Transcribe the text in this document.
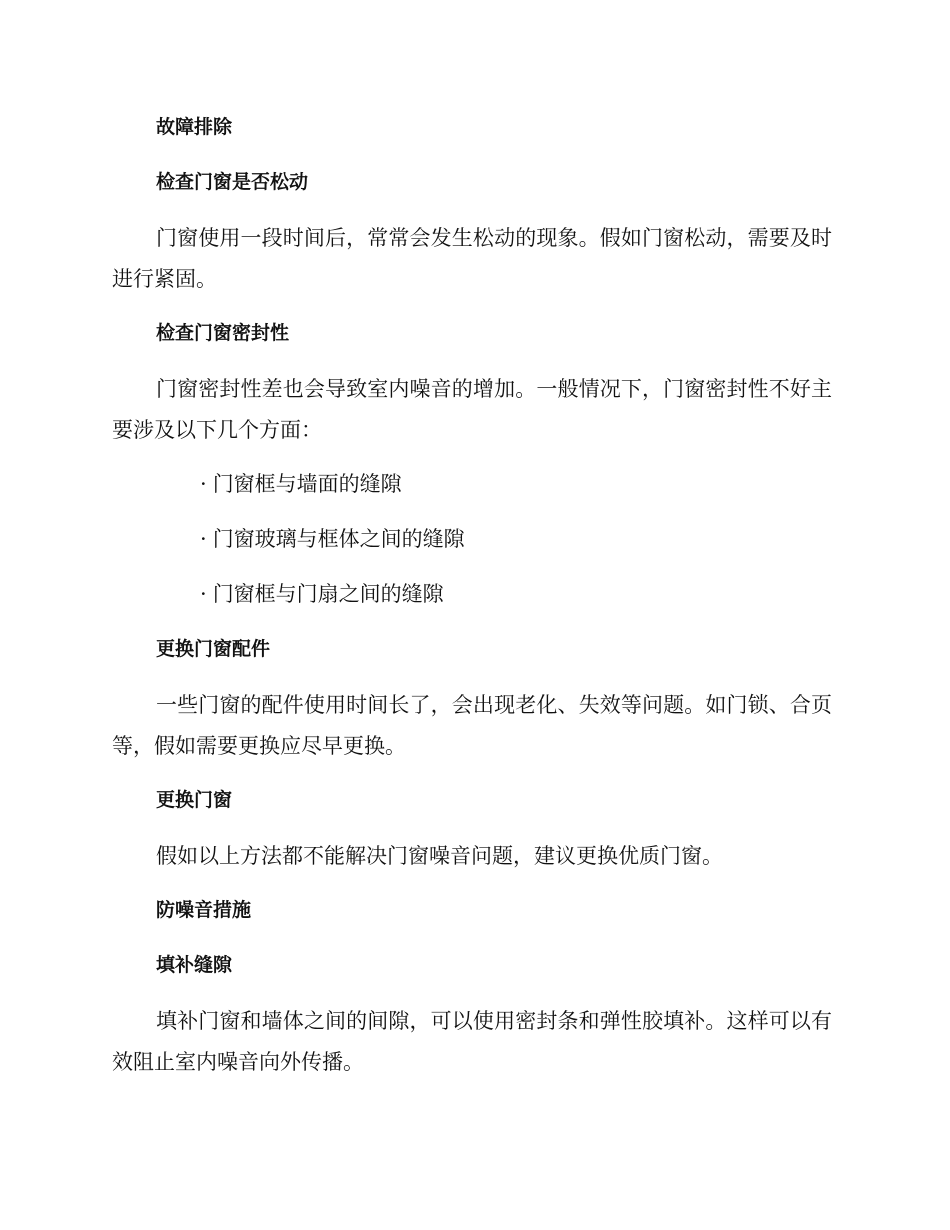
故障排除
检查门窗是否松动
门窗使用一段时间后，常常会发生松动的现象。假如门窗松动，需要及时进行紧固。
检查门窗密封性
门窗密封性差也会导致室内噪音的增加。一般情况下，门窗密封性不好主要涉及以下几个方面：
· 门窗框与墙面的缝隙
· 门窗玻璃与框体之间的缝隙
· 门窗框与门扇之间的缝隙
更换门窗配件
一些门窗的配件使用时间长了，会出现老化、失效等问题。如门锁、合页等，假如需要更换应尽早更换。
更换门窗
假如以上方法都不能解决门窗噪音问题，建议更换优质门窗。
防噪音措施
填补缝隙
填补门窗和墙体之间的间隙，可以使用密封条和弹性胶填补。这样可以有效阻止室内噪音向外传播。
